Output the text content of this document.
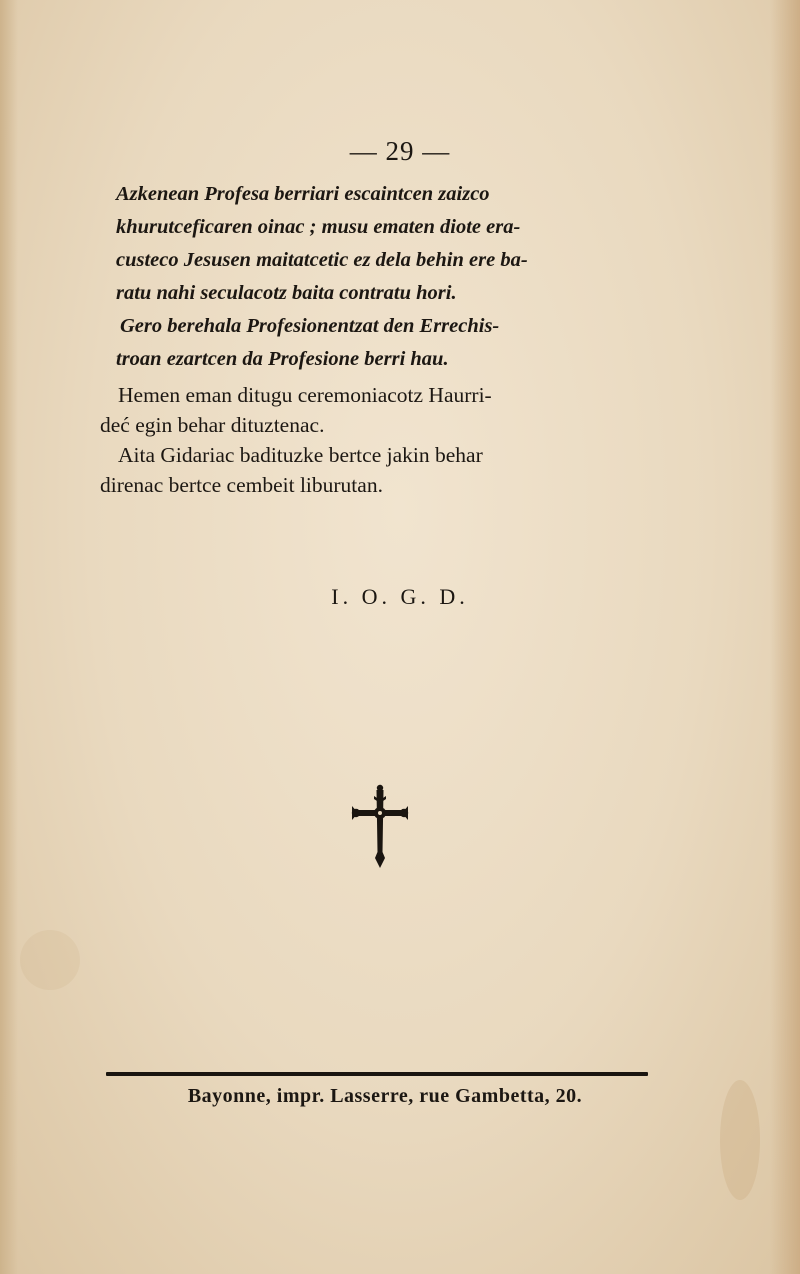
— 29 —

Azkenean Profesa berriari escaintcen zaizco
khurutceficaren oinac ; musu ematen diote era-
custeco Jesusen maitatcetic ez dela behin ere ba-
ratu nahi seculacotz baita contratu hori.

Gero berehala Profesionentzat den Errechis-
troan ezartcen da Profesione berri hau.

Hemen eman ditugu ceremoniacotz Haurri-
deć egin behar dituztenac.
Aita Gidariac badituzke bertce jakin behar
direnac bertce cembeit liburutan.
I. O. G. D.
Bayonne, impr. Lasserre, rue Gambetta, 20.
